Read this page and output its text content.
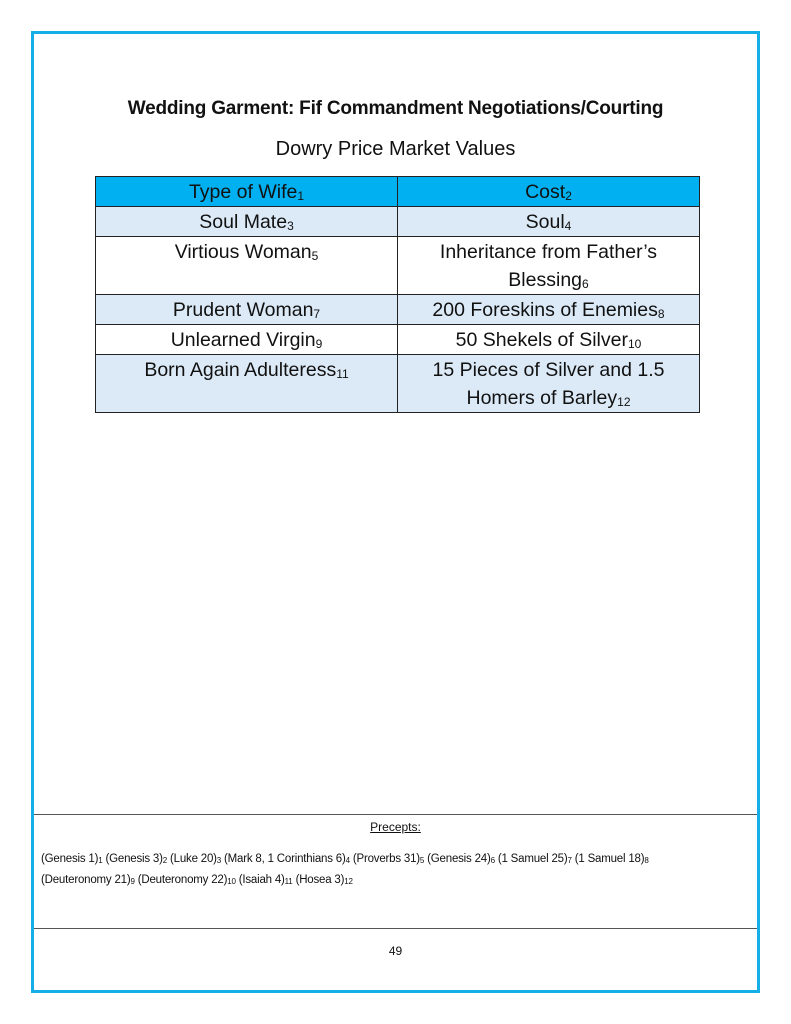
Wedding Garment: Fif Commandment Negotiations/Courting
Dowry Price Market Values
Type of Wife$_1$	Cost$_2$
Soul Mate$_3$	Soul$_4$
Virtious Woman$_5$	Inheritance from Father’s Blessing$_6$
Prudent Woman$_7$	200 Foreskins of Enemies$_8$
Unlearned Virgin$_9$	50 Shekels of Silver$_{10}$
Born Again Adulteress$_{11}$	15 Pieces of Silver and 1.5 Homers of Barley$_{12}$
Precepts:
(Genesis $1)_1$ (Genesis $3)_2$ (Luke $20)_3$ (Mark 8, 1 Corinthians $6)_4$ (Proverbs $31)_5$ (Genesis $24)_6$ (1 Samuel $25)_7$ (1 Samuel $18)_8$
(Deuteronomy $21)_9$ (Deuteronomy $22)_{10}$ (Isaiah $4)_{11}$ (Hosea $3)_{12}$
49
